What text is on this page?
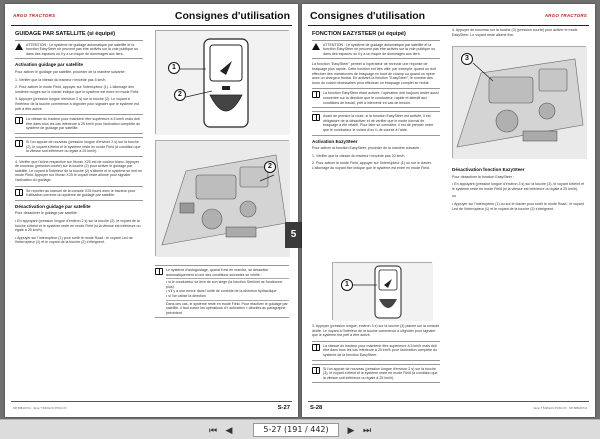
ARGO TRACTORS	Consignes d'utilisation
GUIDAGE PAR SATELLITE (si équipé)
ATTENTION : Le système de guidage automatique par satellite et la fonction EasySteer ne peuvent pas être activés sur la voie publique ou dans des espaces où il y a un risque de dommages aux tiers.
Activation guidage par satellite

Pour activer le guidage par satellite, procéder de la manière suivante :

1. Vérifier que la vitesse du tracteur n'excède pas 5 km/h.

2. Pour activer le mode Field, appuyer sur l'interrupteur (1). L'allumage des lumières rouges sur le clavier indique que le système est entré en mode Field.

3. Appuyer (pression longue d'environ 2 s) sur la touche (2). Le voyant à l'intérieur de la touche commence à clignoter pour signaler que le système est prêt à être activé.

La vitesse du tracteur pour maintenir être supérieure à 5 km/h mais doit être dans tous les cas inférieure à 25 km/h pour l'activation complète du système de guidage par satellite.
Si l'on appuie de nouveau (pression longue d'environ 2 s) sur la touche (2), le voyant s'éteint et le système reste en mode Field (à condition que la vitesse soit inférieure ou égale à 25 km/h).

4. Vérifier que l'icône respective sur l'écran X25 est de couleur blanc. Appuyer de nouveau (pression courte) sur la touche (2) pour activer le guidage par satellite. Le voyant à l'intérieur de la touche (2) s'allume et le système se met en mode Field. Appuyer sur l'écran X25 le voyant reste allumé pour signaler l'activation du guidage.

Se reporter au manuel de la console X25 fourni avec le tracteur pour l'utilisation correcte du système de guidage par satellite.
Désactivation guidage par satellite

Pour désactiver le guidage par satellite :

• En appuyant (pression longue d'environ 2 s) sur la touche (2), le voyant de la touche s'éteint et le système reste en mode Field (si la vitesse est inférieure ou égale à 25 km/h).

• Appuyer sur l'interrupteur (1) pour sortir le mode Road : le voyant Led de l'interrupteur (1) et le voyant de la touche (2) s'éteignent.

1
2
2
Le système d'autoguidage, quand il est en marche, se désactive automatiquement si une des conditions suivantes se vérifie :
• si le conducteur se lève de son siège (la fonction Sentinel ne fonctionne plus).
• s'il y a une erreur dans l'unité de contrôle de la direction hydraulique
• si l'on utilise la direction
Dans ces cas, le système reste en mode Field. Pour réactiver le guidage par satellite, il faut suivre les opérations d'« activation » décrites au paragraphe précédent.
RPi 888100741 · 3ème T 5/48 ECO POSO-XX	S-27
5
Consignes d'utilisation	ARGO TRACTORS
FONCTION EAZYSTEER (si équipé)
ATTENTION : Le système de guidage automatique par satellite et la fonction EasySteer ne peuvent pas être activés sur la voie publique ou dans des espaces où il y a un risque de dommages aux tiers.

La fonction "EasySteer" permet à l'opérateur de recevoir une réponse de braquage plus rapide. Cette fonction est très utile, par exemple, quand on doit effectuer des manœuvres de braquage en bout de champ ou quand on opère avec un chargeur frontal. En activant la fonction "EasySteer", le nombre des tours du volant nécessaires pour effectuer un braquage complet se réduit.

La fonction EasySteer étant activée, l'opérateur doit toujours rester aussi concentré sur la direction que le conducteur, rapide et attentif aux conditions de travail, prêt à intervenir en cas de besoin.
Avant de prendre la route, si la fonction EasySteer est activée, il est obligatoire de la désactiver et de vérifier que le mode normal de braquage a été rétabli. Pour faire se connaître, il est de premier ordre que le conducteur le volant d'un ¼ de course à l'aide.
Activation EazySteer

Pour activer la fonction EasySteer, procéder de la manière suivante :

1. Vérifier que la vitesse du tracteur n'excède pas 20 km/h.

2. Pour activer le mode Field, appuyer sur l'interrupteur (1) ou sur le clavier. L'allumage du voyant fixe indique que le système est entré en mode Field.

1

3. Appuyer (pression longue, environ 3 s) sur la touche (3) placée sur la console droite. Le voyant à l'intérieur de la touche commence à clignoter pour signaler que le système est prêt à être activé.

La vitesse du tracteur pour maintenir être supérieure à 5 km/h mais doit être dans tous les cas inférieure à 25 km/h pour l'activation complète du système de la fonction EasySteer.
Si l'on appuie de nouveau (pression longue d'environ 3 s) sur la touche (3), le voyant s'éteint et le système reste en mode Field (à condition que la vitesse soit inférieure ou égale à 25 km/h).

4. Appuyer de nouveau sur la touche (3) (pression courte) pour activer le mode EasySteer. Le voyant reste allumé fixe.

3
Désactivation fonction EazySteer

Pour désactiver la fonction EasySteer :

• En appuyant (pression longue d'environ 3 s) sur la touche (3), le voyant s'éteint et le système reste en mode Field (si la vitesse est inférieure ou égale à 25 km/h).

ou

• Appuyer sur l'interrupteur (1) ou sur le clavier pour sortir le mode Road : le voyant Led de l'interrupteur (1) et le voyant de la touche (3) s'éteignent.

S-28	3ème T 5/48 ECO POSO-XX · RPi 888100741
⏮ ◀	5-27 (191 / 442)	▶ ⏭
